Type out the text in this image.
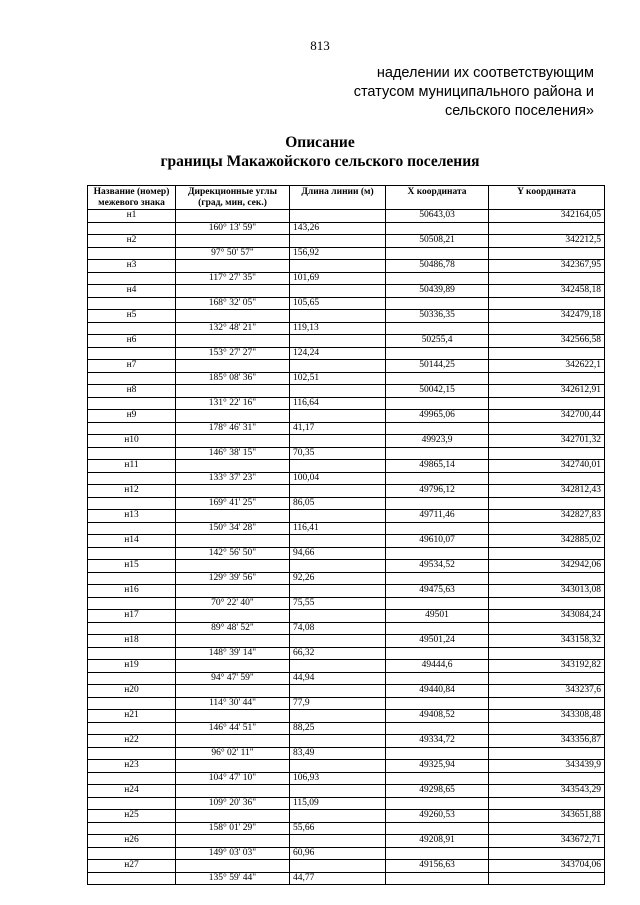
813
наделении их соответствующим
статусом муниципального района и
сельского поселения»
Описание
границы Макажойского сельского поселения
Название (номер) межевого знака	Дирекционные углы (град, мин, сек.)	Длина линии (м)	X координата	Y координата
н1			50643,03	342164,05
	160° 13' 59"	143,26		
н2			50508,21	342212,5
	97° 50' 57"	156,92		
н3			50486,78	342367,95
	117° 27' 35"	101,69		
н4			50439,89	342458,18
	168° 32' 05"	105,65		
н5			50336,35	342479,18
	132° 48' 21"	119,13		
н6			50255,4	342566,58
	153° 27' 27"	124,24		
н7			50144,25	342622,1
	185° 08' 36"	102,51		
н8			50042,15	342612,91
	131° 22' 16"	116,64		
н9			49965,06	342700,44
	178° 46' 31"	41,17		
н10			49923,9	342701,32
	146° 38' 15"	70,35		
н11			49865,14	342740,01
	133° 37' 23"	100,04		
н12			49796,12	342812,43
	169° 41' 25"	86,05		
н13			49711,46	342827,83
	150° 34' 28"	116,41		
н14			49610,07	342885,02
	142° 56' 50"	94,66		
н15			49534,52	342942,06
	129° 39' 56"	92,26		
н16			49475,63	343013,08
	70° 22' 40"	75,55		
н17			49501	343084,24
	89° 48' 52"	74,08		
н18			49501,24	343158,32
	148° 39' 14"	66,32		
н19			49444,6	343192,82
	94° 47' 59"	44,94		
н20			49440,84	343237,6
	114° 30' 44"	77,9		
н21			49408,52	343308,48
	146° 44' 51"	88,25		
н22			49334,72	343356,87
	96° 02' 11"	83,49		
н23			49325,94	343439,9
	104° 47' 10"	106,93		
н24			49298,65	343543,29
	109° 20' 36"	115,09		
н25			49260,53	343651,88
	158° 01' 29"	55,66		
н26			49208,91	343672,71
	149° 03' 03"	60,96		
н27			49156,63	343704,06
	135° 59' 44"	44,77		
